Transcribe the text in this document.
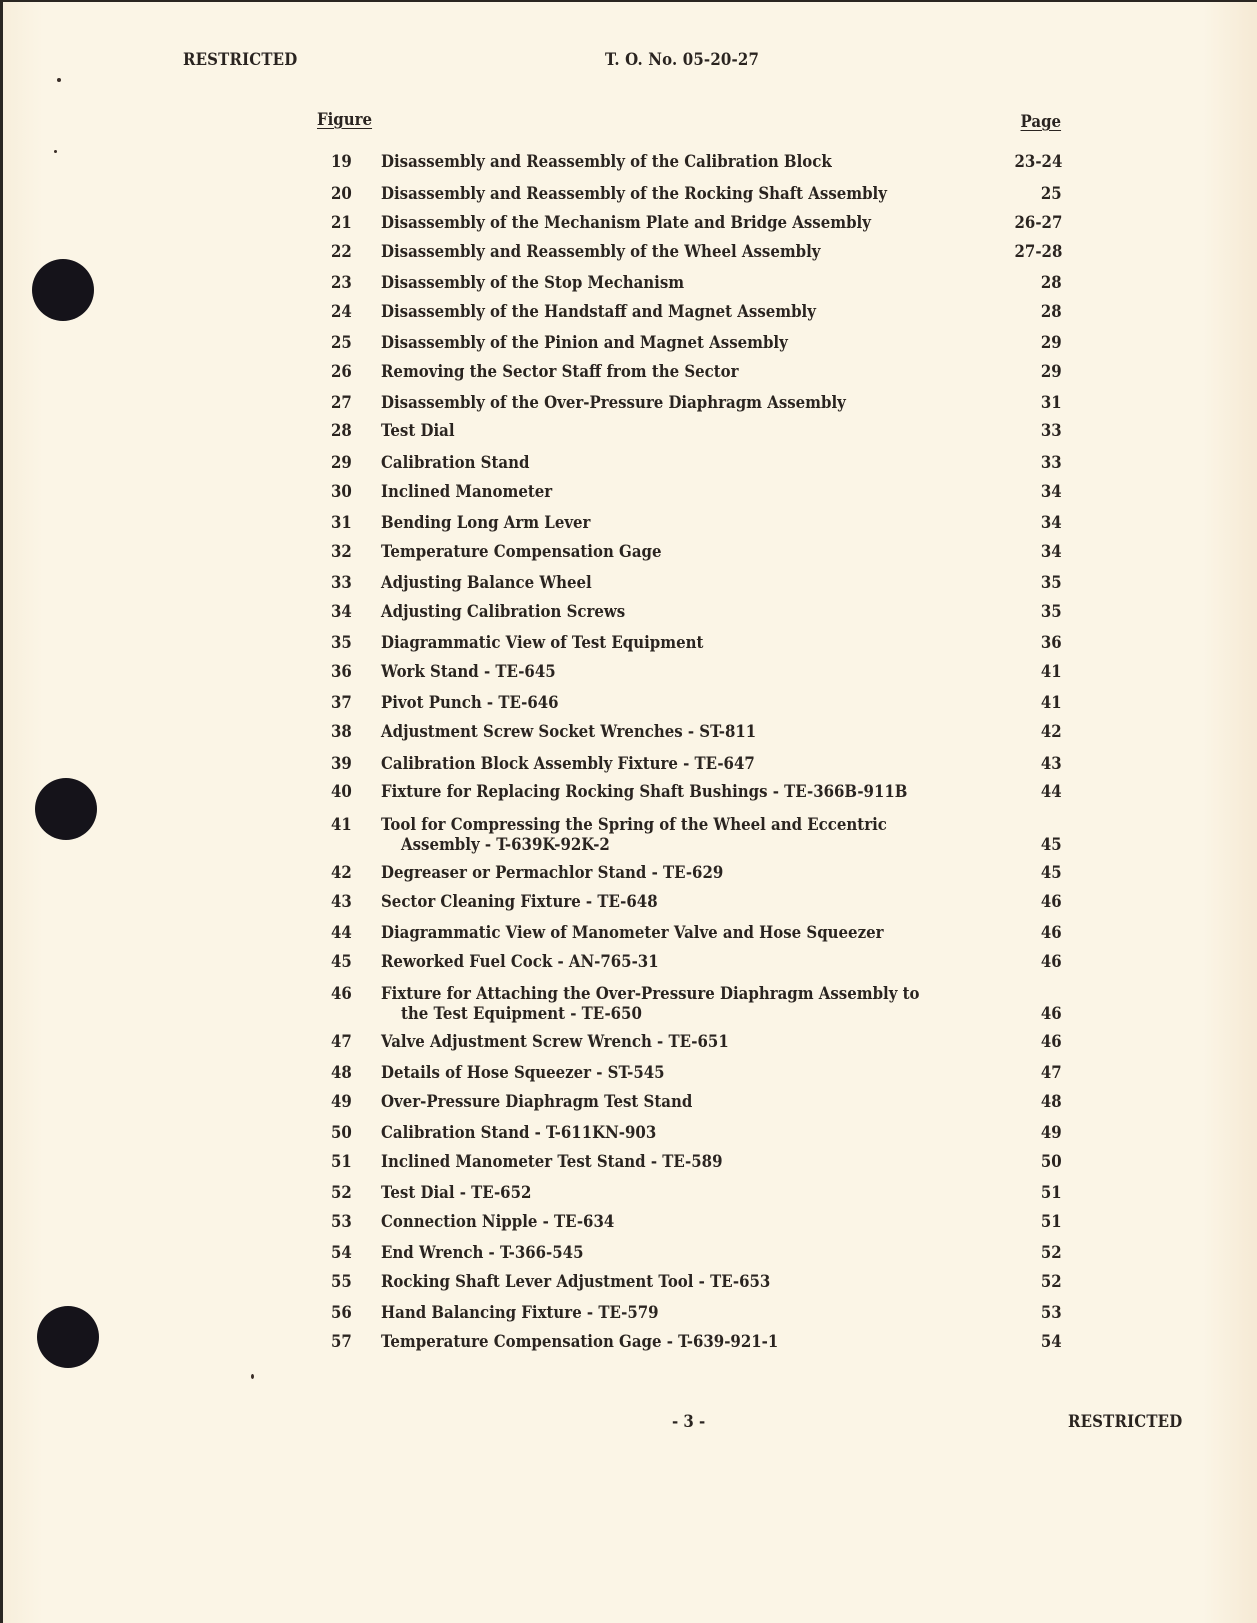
RESTRICTED	T. O. No. 05-20-27
Figure	Page
19 Disassembly and Reassembly of the Calibration Block	23-24
20 Disassembly and Reassembly of the Rocking Shaft Assembly	25
21 Disassembly of the Mechanism Plate and Bridge Assembly	26-27
22 Disassembly and Reassembly of the Wheel Assembly	27-28
23 Disassembly of the Stop Mechanism	28
24 Disassembly of the Handstaff and Magnet Assembly	28
25 Disassembly of the Pinion and Magnet Assembly	29
26 Removing the Sector Staff from the Sector	29
27 Disassembly of the Over-Pressure Diaphragm Assembly	31
28 Test Dial	33
29 Calibration Stand	33
30 Inclined Manometer	34
31 Bending Long Arm Lever	34
32 Temperature Compensation Gage	34
33 Adjusting Balance Wheel	35
34 Adjusting Calibration Screws	35
35 Diagrammatic View of Test Equipment	36
36 Work Stand - TE-645	41
37 Pivot Punch - TE-646	41
38 Adjustment Screw Socket Wrenches - ST-811	42
39 Calibration Block Assembly Fixture - TE-647	43
40 Fixture for Replacing Rocking Shaft Bushings - TE-366B-911B	44
41 Tool for Compressing the Spring of the Wheel and Eccentric
Assembly - T-639K-92K-2	45
42 Degreaser or Permachlor Stand - TE-629	45
43 Sector Cleaning Fixture - TE-648	46
44 Diagrammatic View of Manometer Valve and Hose Squeezer	46
45 Reworked Fuel Cock - AN-765-31	46
46 Fixture for Attaching the Over-Pressure Diaphragm Assembly to
the Test Equipment - TE-650	46
47 Valve Adjustment Screw Wrench - TE-651	46
48 Details of Hose Squeezer - ST-545	47
49 Over-Pressure Diaphragm Test Stand	48
50 Calibration Stand - T-611KN-903	49
51 Inclined Manometer Test Stand - TE-589	50
52 Test Dial - TE-652	51
53 Connection Nipple - TE-634	51
54 End Wrench - T-366-545	52
55 Rocking Shaft Lever Adjustment Tool - TE-653	52
56 Hand Balancing Fixture - TE-579	53
57 Temperature Compensation Gage - T-639-921-1	54
- 3 -	RESTRICTED
